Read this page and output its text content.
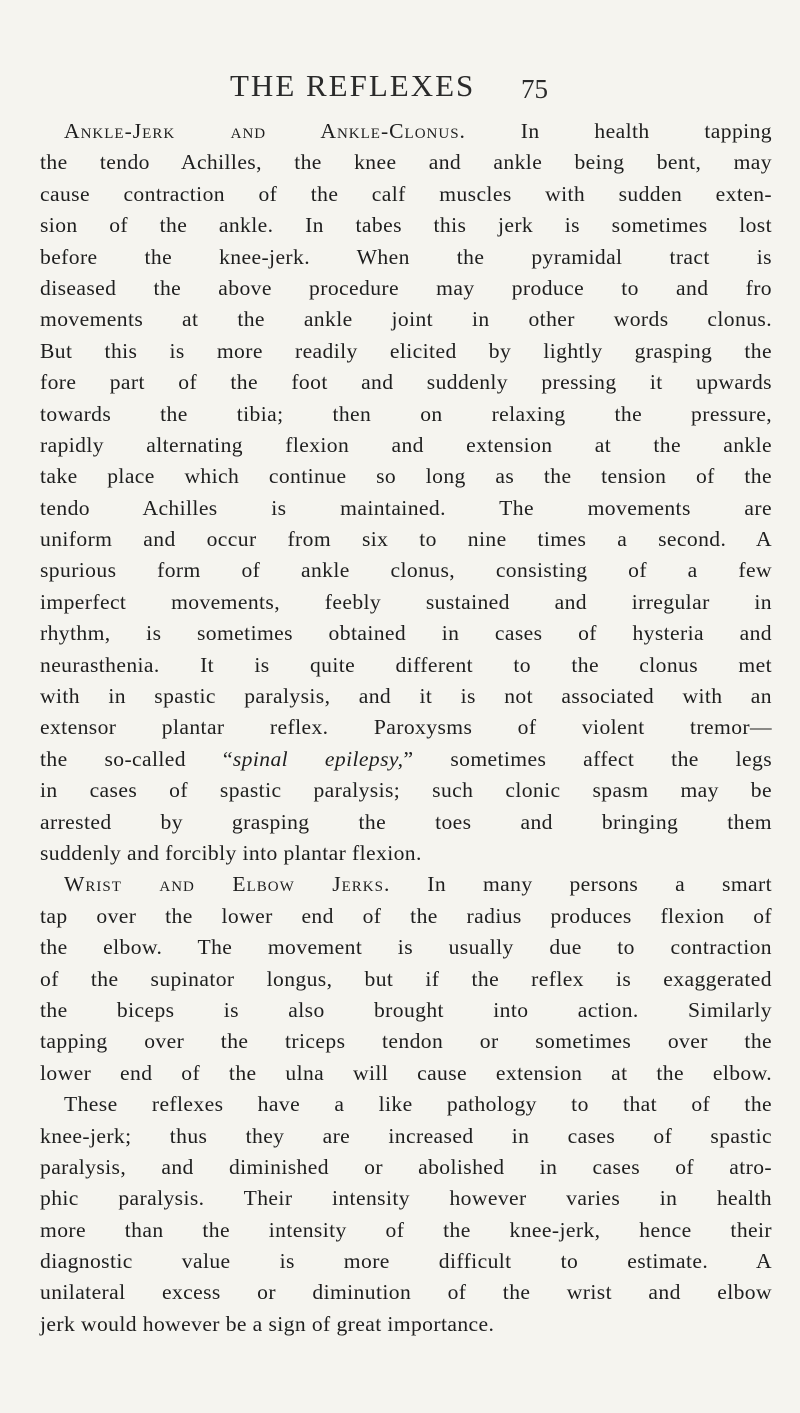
THE REFLEXES 75
Ankle-Jerk and Ankle-Clonus.	In health tapping
the tendo Achilles, the knee and ankle being bent, may
cause contraction of the calf muscles with sudden exten-
sion of the ankle. In tabes this jerk is sometimes lost
before the knee-jerk. When the pyramidal tract is
diseased the above procedure may produce to and fro
movements at the ankle joint in other words clonus.
But this is more readily elicited by lightly grasping the
fore part of the foot and suddenly pressing it upwards
towards the tibia; then on relaxing the pressure,
rapidly alternating flexion and extension at the ankle
take place which continue so long as the tension of the
tendo Achilles is maintained. The movements are
uniform and occur from six to nine times a second. A
spurious form of ankle clonus, consisting of a few
imperfect movements, feebly sustained and irregular in
rhythm, is sometimes obtained in cases of hysteria and
neurasthenia. It is quite different to the clonus met
with in spastic paralysis, and it is not associated with an
extensor plantar reflex. Paroxysms of violent tremor—
the so-called “spinal epilepsy,” sometimes affect the legs
in cases of spastic paralysis; such clonic spasm may be
arrested by grasping the toes and bringing them
suddenly and forcibly into plantar flexion.
Wrist and Elbow Jerks. In many persons a smart
tap over the lower end of the radius produces flexion of
the elbow. The movement is usually due to contraction
of the supinator longus, but if the reflex is exaggerated
the biceps is also brought into action. Similarly
tapping over the triceps tendon or sometimes over the
lower end of the ulna will cause extension at the elbow.
These reflexes have a like pathology to that of the
knee-jerk; thus they are increased in cases of spastic
paralysis, and diminished or abolished in cases of atro-
phic paralysis. Their intensity however varies in health
more than the intensity of the knee-jerk, hence their
diagnostic value is more difficult to estimate. A
unilateral excess or diminution of the wrist and elbow
jerk would however be a sign of great importance.
